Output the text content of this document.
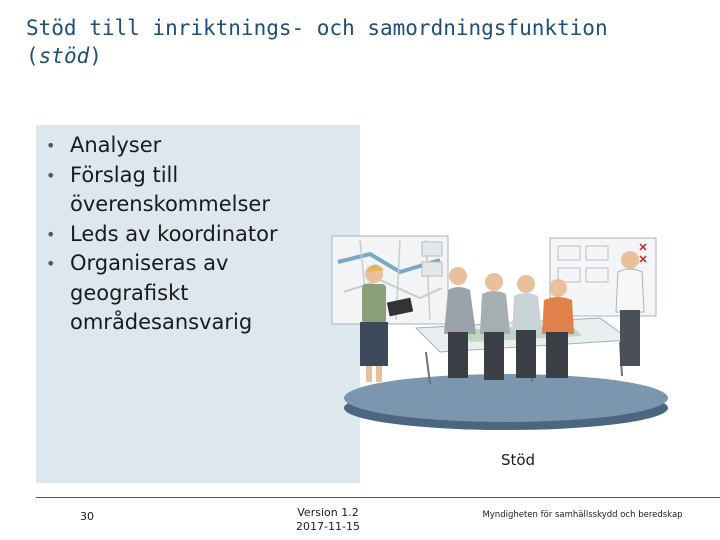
Stöd till inriktnings- och samordningsfunktion
(stöd)
• Analyser
• Förslag till överenskommelser
• Leds av koordinator
• Organiseras av geografiskt områdesansvarig
Stöd
30	Version 1.2
2017-11-15
Myndigheten för samhällsskydd och beredskap
